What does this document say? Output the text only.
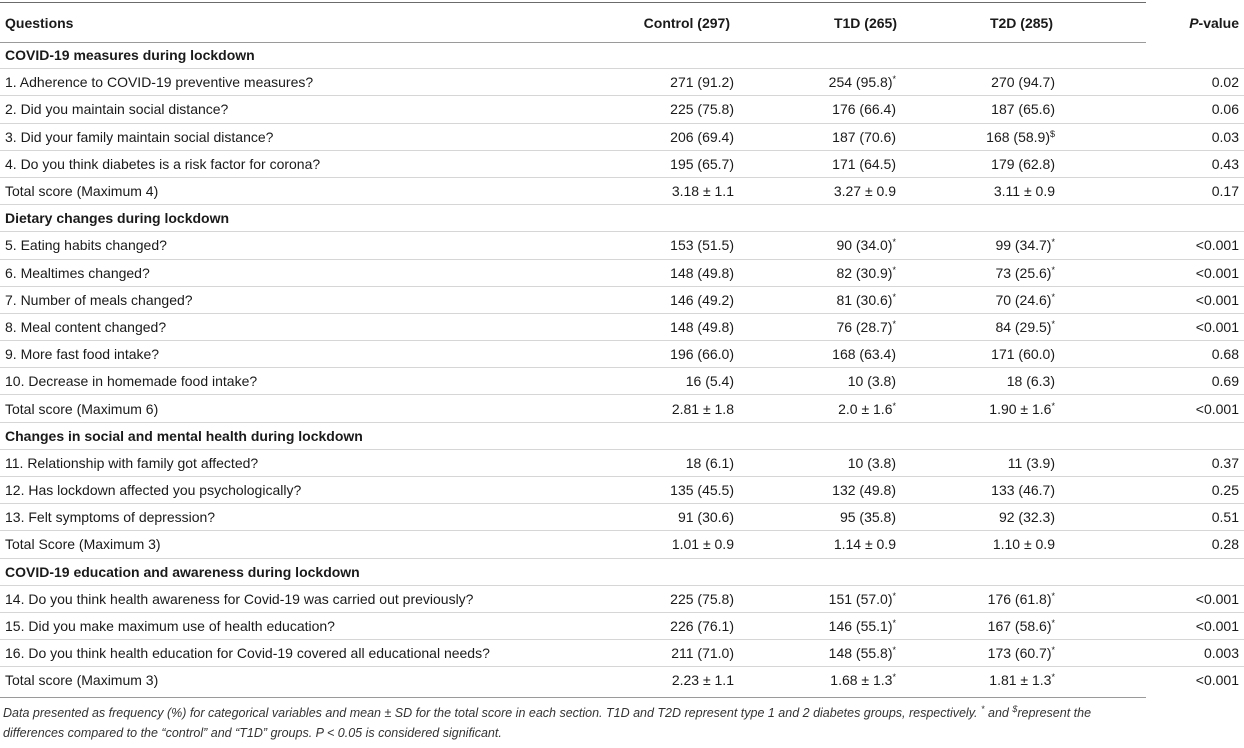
Questions	Control (297)	T1D (265)	T2D (285)	P-value
COVID-19 measures during lockdown				
1. Adherence to COVID-19 preventive measures?	271 (91.2)	254 (95.8)*	270 (94.7)	0.02
2. Did you maintain social distance?	225 (75.8)	176 (66.4)	187 (65.6)	0.06
3. Did your family maintain social distance?	206 (69.4)	187 (70.6)	168 (58.9)$	0.03
4. Do you think diabetes is a risk factor for corona?	195 (65.7)	171 (64.5)	179 (62.8)	0.43
Total score (Maximum 4)	3.18 ± 1.1	3.27 ± 0.9	3.11 ± 0.9	0.17
Dietary changes during lockdown				
5. Eating habits changed?	153 (51.5)	90 (34.0)*	99 (34.7)*	<0.001
6. Mealtimes changed?	148 (49.8)	82 (30.9)*	73 (25.6)*	<0.001
7. Number of meals changed?	146 (49.2)	81 (30.6)*	70 (24.6)*	<0.001
8. Meal content changed?	148 (49.8)	76 (28.7)*	84 (29.5)*	<0.001
9. More fast food intake?	196 (66.0)	168 (63.4)	171 (60.0)	0.68
10. Decrease in homemade food intake?	16 (5.4)	10 (3.8)	18 (6.3)	0.69
Total score (Maximum 6)	2.81 ± 1.8	2.0 ± 1.6*	1.90 ± 1.6*	<0.001
Changes in social and mental health during lockdown				
11. Relationship with family got affected?	18 (6.1)	10 (3.8)	11 (3.9)	0.37
12. Has lockdown affected you psychologically?	135 (45.5)	132 (49.8)	133 (46.7)	0.25
13. Felt symptoms of depression?	91 (30.6)	95 (35.8)	92 (32.3)	0.51
Total Score (Maximum 3)	1.01 ± 0.9	1.14 ± 0.9	1.10 ± 0.9	0.28
COVID-19 education and awareness during lockdown				
14. Do you think health awareness for Covid-19 was carried out previously?	225 (75.8)	151 (57.0)*	176 (61.8)*	<0.001
15. Did you make maximum use of health education?	226 (76.1)	146 (55.1)*	167 (58.6)*	<0.001
16. Do you think health education for Covid-19 covered all educational needs?	211 (71.0)	148 (55.8)*	173 (60.7)*	0.003
Total score (Maximum 3)	2.23 ± 1.1	1.68 ± 1.3*	1.81 ± 1.3*	<0.001
Data presented as frequency (%) for categorical variables and mean ± SD for the total score in each section. T1D and T2D represent type 1 and 2 diabetes groups, respectively. * and $represent the differences compared to the “control” and “T1D” groups. P < 0.05 is considered significant.
